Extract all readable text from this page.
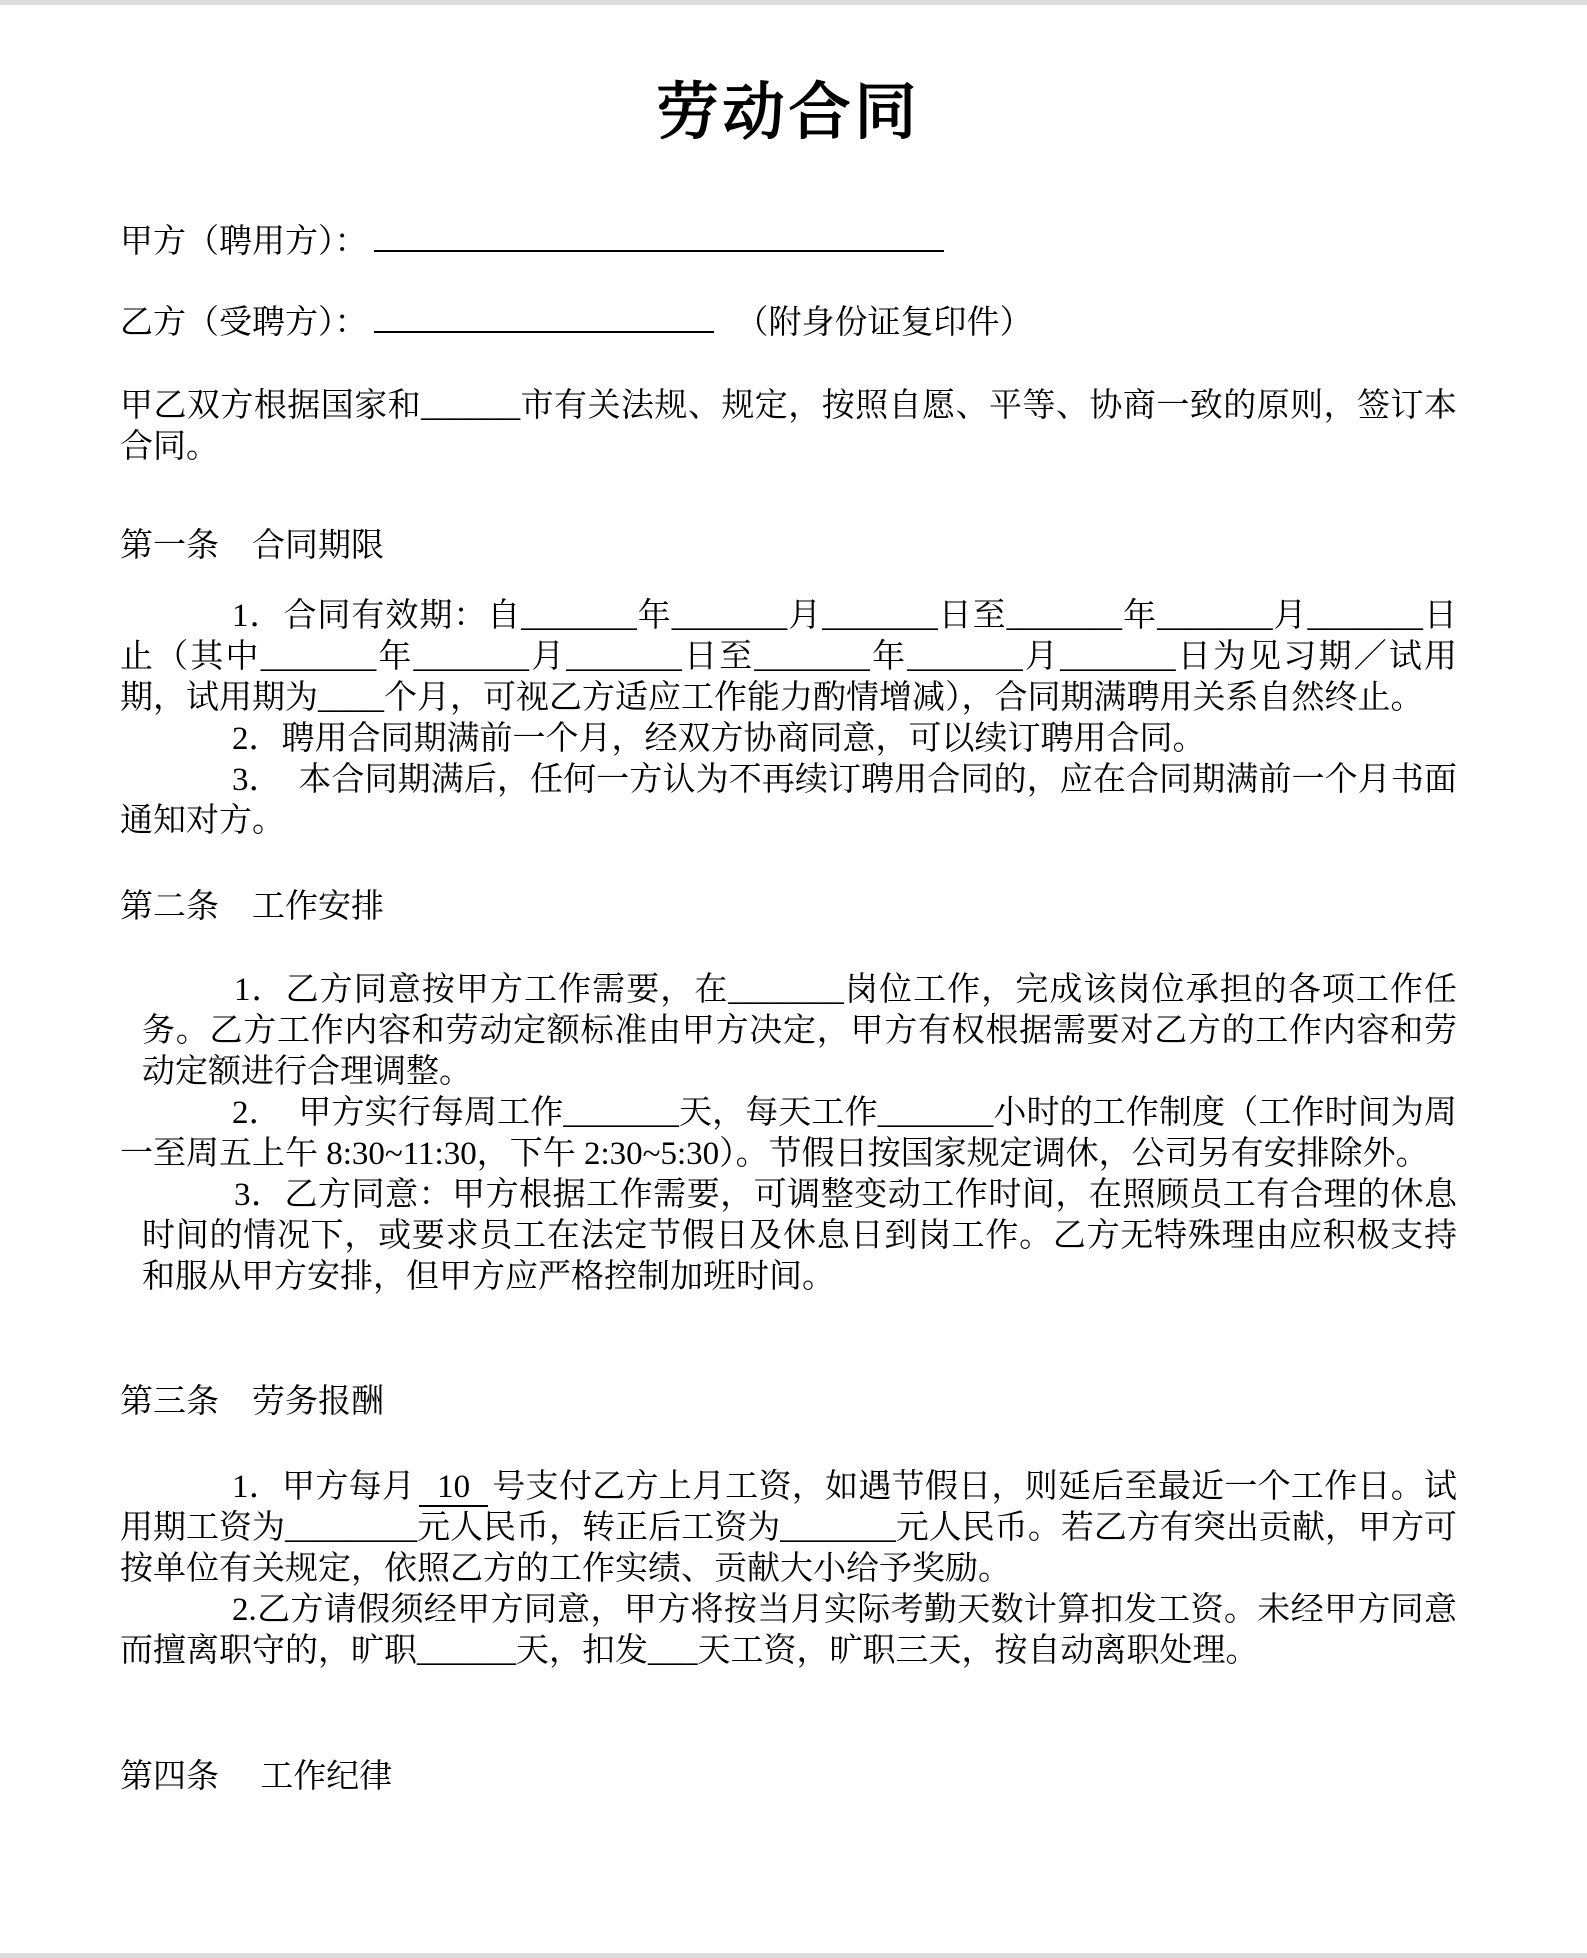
劳动合同

甲方（聘用方）：

乙方（受聘方）：	（附身份证复印件）

甲乙双方根据国家和______市有关法规、规定，按照自愿、平等、协商一致的原则，签订本合同。

第一条　合同期限

1．合同有效期：自_______年_______月_______日至_______年_______月_______日止（其中_______年_______月_______日至_______年_______月_______日为见习期／试用期，试用期为____个月，可视乙方适应工作能力酌情增减），合同期满聘用关系自然终止。

2．聘用合同期满前一个月，经双方协商同意，可以续订聘用合同。

3．　本合同期满后，任何一方认为不再续订聘用合同的，应在合同期满前一个月书面通知对方。

第二条　工作安排

1．乙方同意按甲方工作需要，在_______岗位工作，完成该岗位承担的各项工作任务。乙方工作内容和劳动定额标准由甲方决定，甲方有权根据需要对乙方的工作内容和劳动定额进行合理调整。

2．　甲方实行每周工作_______天，每天工作_______小时的工作制度（工作时间为周一至周五上午 8:30~11:30，下午 2:30~5:30）。节假日按国家规定调休，公司另有安排除外。

3．乙方同意：甲方根据工作需要，可调整变动工作时间，在照顾员工有合理的休息时间的情况下，或要求员工在法定节假日及休息日到岗工作。乙方无特殊理由应积极支持和服从甲方安排，但甲方应严格控制加班时间。

第三条　劳务报酬

1．甲方每月 10 号支付乙方上月工资，如遇节假日，则延后至最近一个工作日。试用期工资为________元人民币，转正后工资为_______元人民币。若乙方有突出贡献，甲方可按单位有关规定，依照乙方的工作实绩、贡献大小给予奖励。

2.乙方请假须经甲方同意，甲方将按当月实际考勤天数计算扣发工资。未经甲方同意而擅离职守的，旷职______天，扣发___天工资，旷职三天，按自动离职处理。

第四条　 工作纪律
